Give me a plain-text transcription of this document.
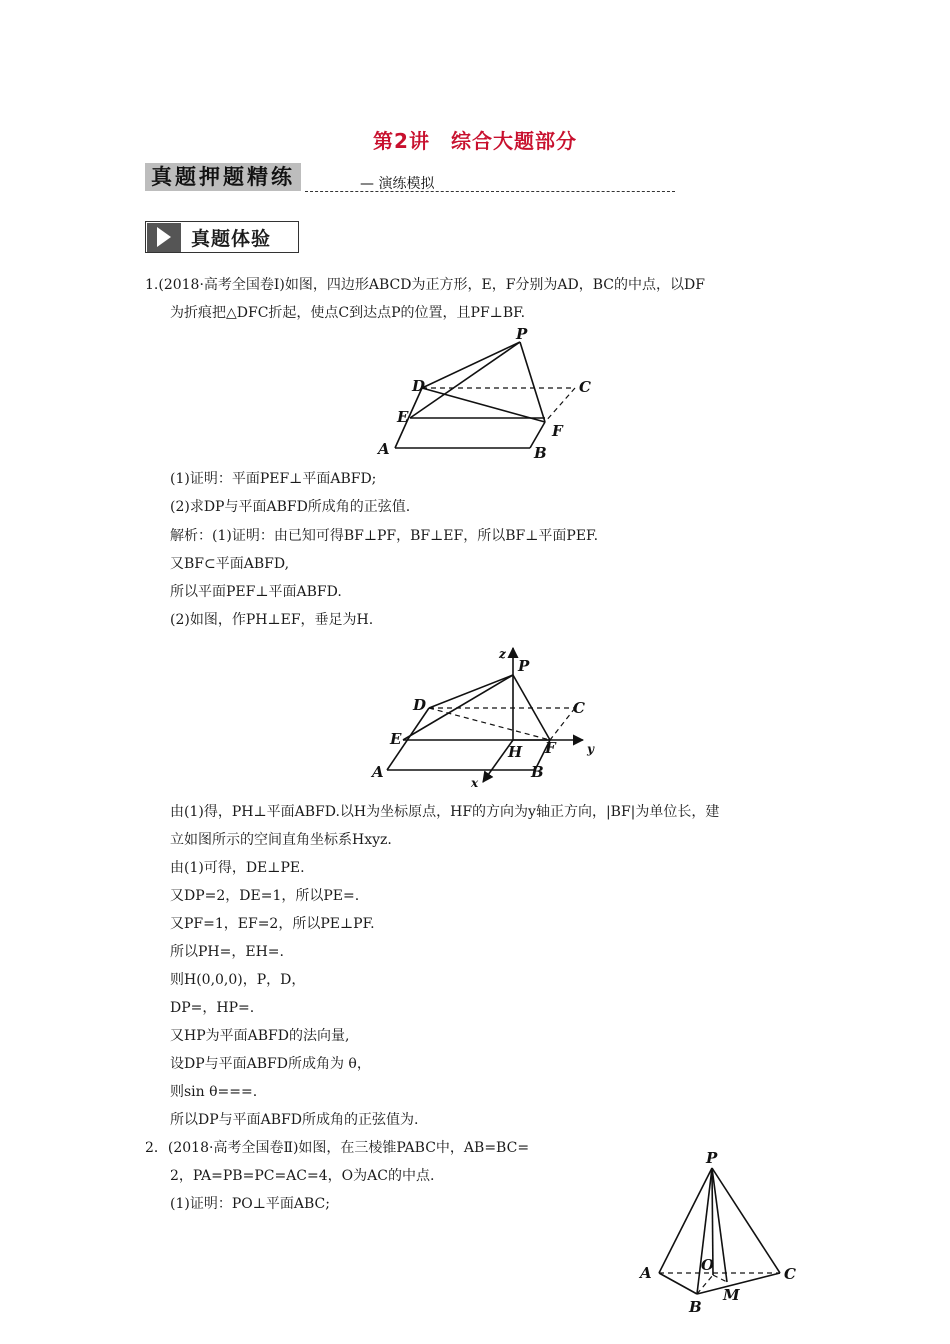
第2讲　综合大题部分
真题押题精练	— 演练模拟
真题体验
1.(2018·高考全国卷Ⅰ)如图，四边形ABCD为正方形，E，F分别为AD，BC的中点，以DF
为折痕把△DFC折起，使点C到达点P的位置，且PF⊥BF.
P
D	C
E
F
A	B
(1)证明：平面PEF⊥平面ABFD;
(2)求DP与平面ABFD所成角的正弦值.
解析：(1)证明：由已知可得BF⊥PF，BF⊥EF，所以BF⊥平面PEF.
又BF⊂平面ABFD,
所以平面PEF⊥平面ABFD.
(2)如图，作PH⊥EF，垂足为H.
z
P
D	C
E
H F	y
A
x
B
由(1)得，PH⊥平面ABFD.以H为坐标原点，HF的方向为y轴正方向，|BF|为单位长，建
立如图所示的空间直角坐标系Hxyz.
由(1)可得，DE⊥PE.
又DP=2，DE=1，所以PE=.
又PF=1，EF=2，所以PE⊥PF.
所以PH=，EH=.
则H(0,0,0)，P，D，
DP=，HP=.
又HP为平面ABFD的法向量,
设DP与平面ABFD所成角为 θ，
则sin θ===.
所以DP与平面ABFD所成角的正弦值为.
2．(2018·高考全国卷Ⅱ)如图，在三棱锥PABC中，AB=BC=
2，PA=PB=PC=AC=4，O为AC的中点.
(1)证明：PO⊥平面ABC;
P
A	O	C
B
M
